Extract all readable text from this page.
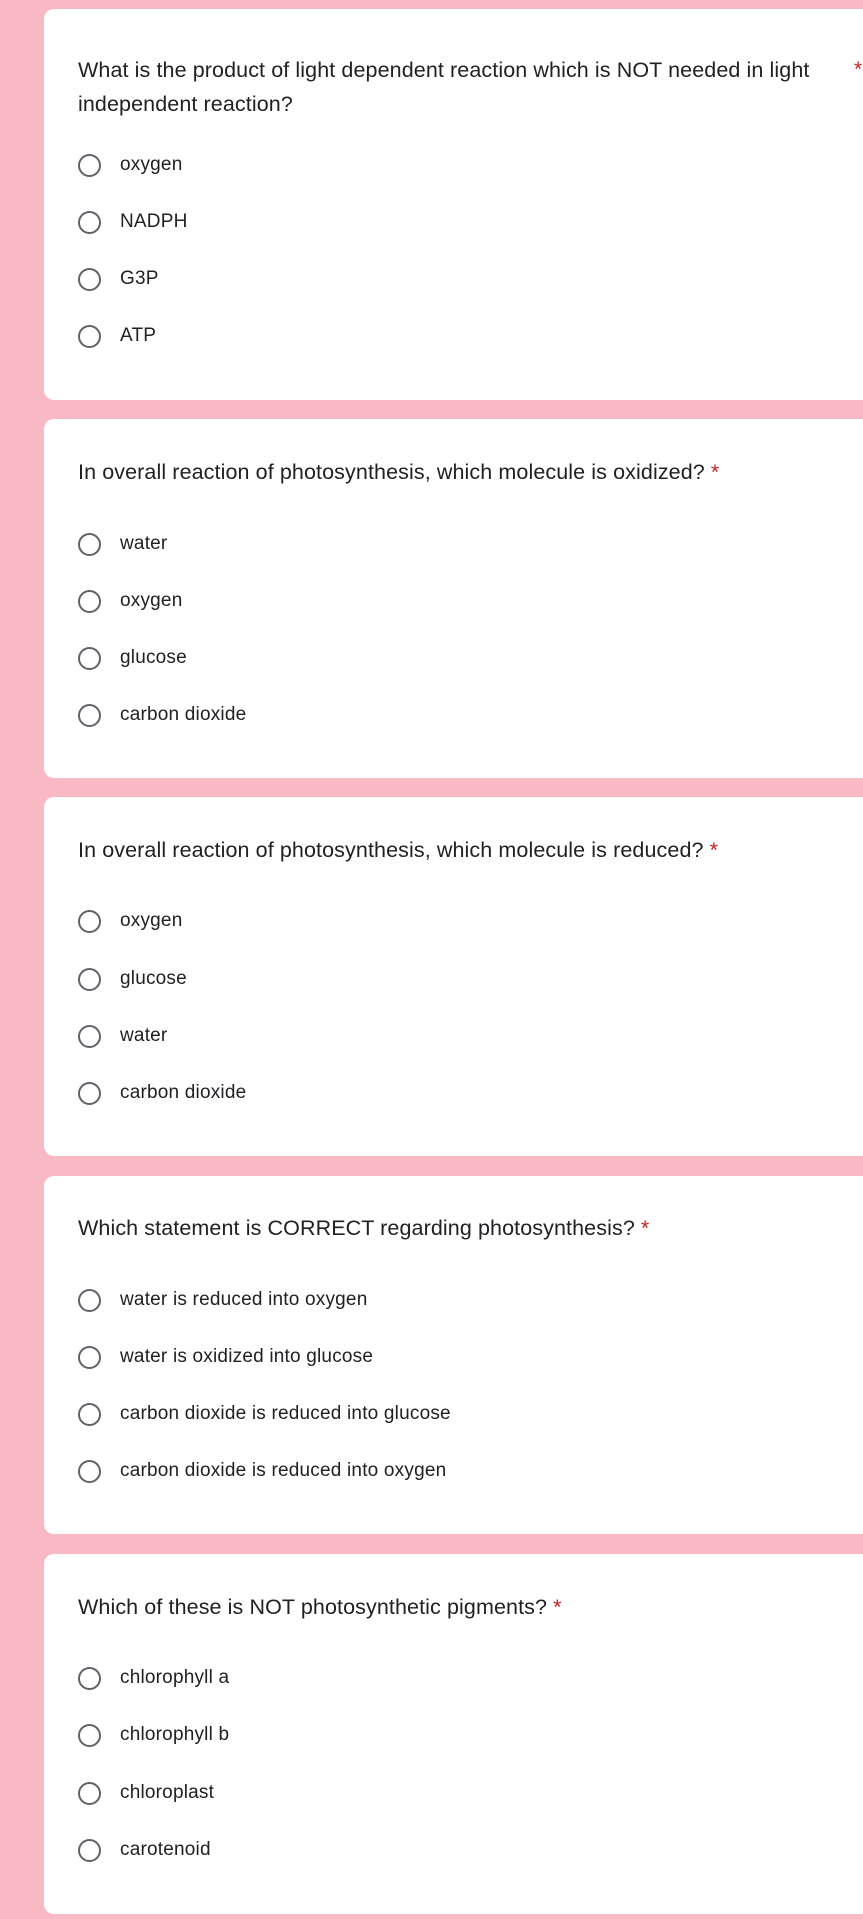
What is the product of light dependent reaction which is NOT needed in light independent reaction?
*
oxygen
NADPH
G3P
ATP
In overall reaction of photosynthesis, which molecule is oxidized? *
water
oxygen
glucose
carbon dioxide
In overall reaction of photosynthesis, which molecule is reduced? *
oxygen
glucose
water
carbon dioxide
Which statement is CORRECT regarding photosynthesis? *
water is reduced into oxygen
water is oxidized into glucose
carbon dioxide is reduced into glucose
carbon dioxide is reduced into oxygen
Which of these is NOT photosynthetic pigments? *
chlorophyll a
chlorophyll b
chloroplast
carotenoid
